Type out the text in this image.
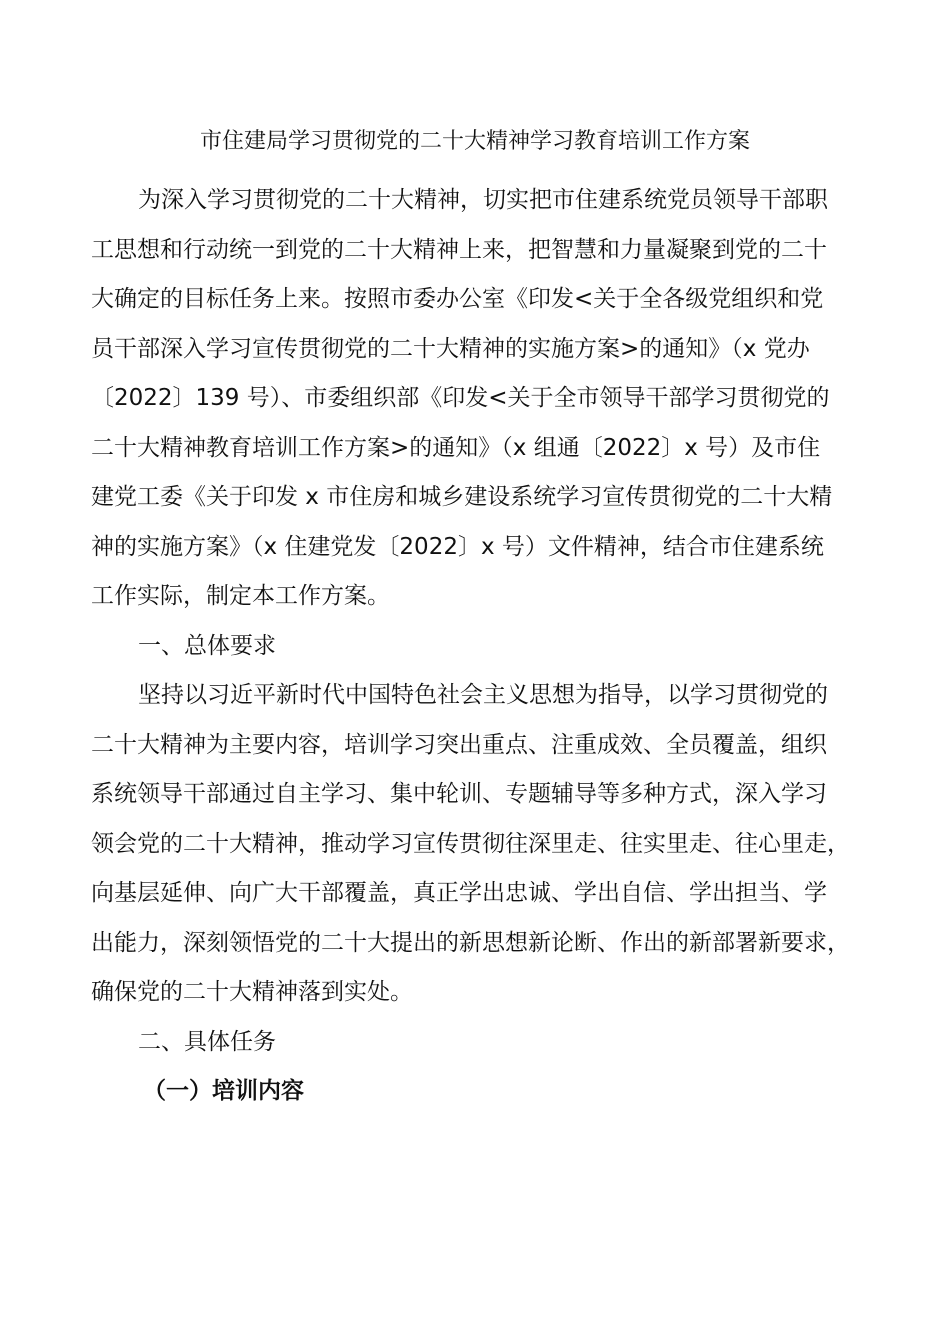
市住建局学习贯彻党的二十大精神学习教育培训工作方案
为深入学习贯彻党的二十大精神，切实把市住建系统党员领导干部职
工思想和行动统一到党的二十大精神上来，把智慧和力量凝聚到党的二十
大确定的目标任务上来。按照市委办公室《印发<关于全各级党组织和党
员干部深入学习宣传贯彻党的二十大精神的实施方案>的通知》（x 党办
〔2022〕139 号）、市委组织部《印发<关于全市领导干部学习贯彻党的
二十大精神教育培训工作方案>的通知》（x 组通〔2022〕x 号）及市住
建党工委《关于印发 x 市住房和城乡建设系统学习宣传贯彻党的二十大精
神的实施方案》（x 住建党发〔2022〕x 号）文件精神，结合市住建系统
工作实际，制定本工作方案。
一、总体要求
坚持以习近平新时代中国特色社会主义思想为指导，以学习贯彻党的
二十大精神为主要内容，培训学习突出重点、注重成效、全员覆盖，组织
系统领导干部通过自主学习、集中轮训、专题辅导等多种方式，深入学习
领会党的二十大精神，推动学习宣传贯彻往深里走、往实里走、往心里走，
向基层延伸、向广大干部覆盖，真正学出忠诚、学出自信、学出担当、学
出能力，深刻领悟党的二十大提出的新思想新论断、作出的新部署新要求，
确保党的二十大精神落到实处。
二、具体任务
（一）培训内容
